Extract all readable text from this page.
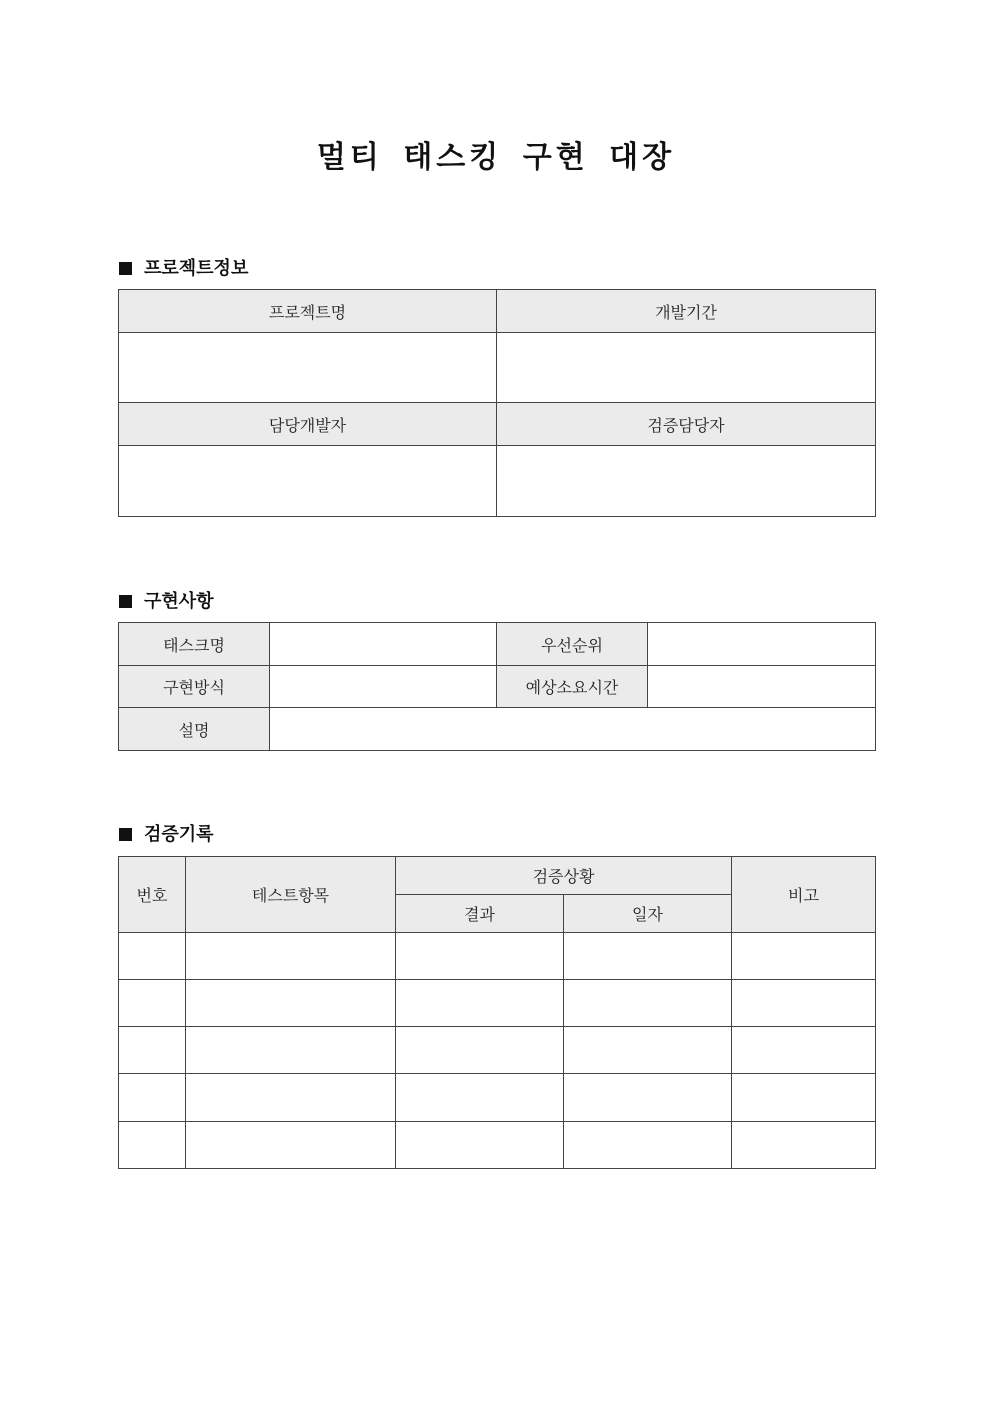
멀티 태스킹 구현 대장
프로젝트정보
프로젝트명	개발기간

담당개발자	검증담당자

구현사항
태스크명		우선순위	
구현방식		예상소요시간	
설명			
검증기록
번호	테스트항목	검증상황		비고
		결과	일자	
